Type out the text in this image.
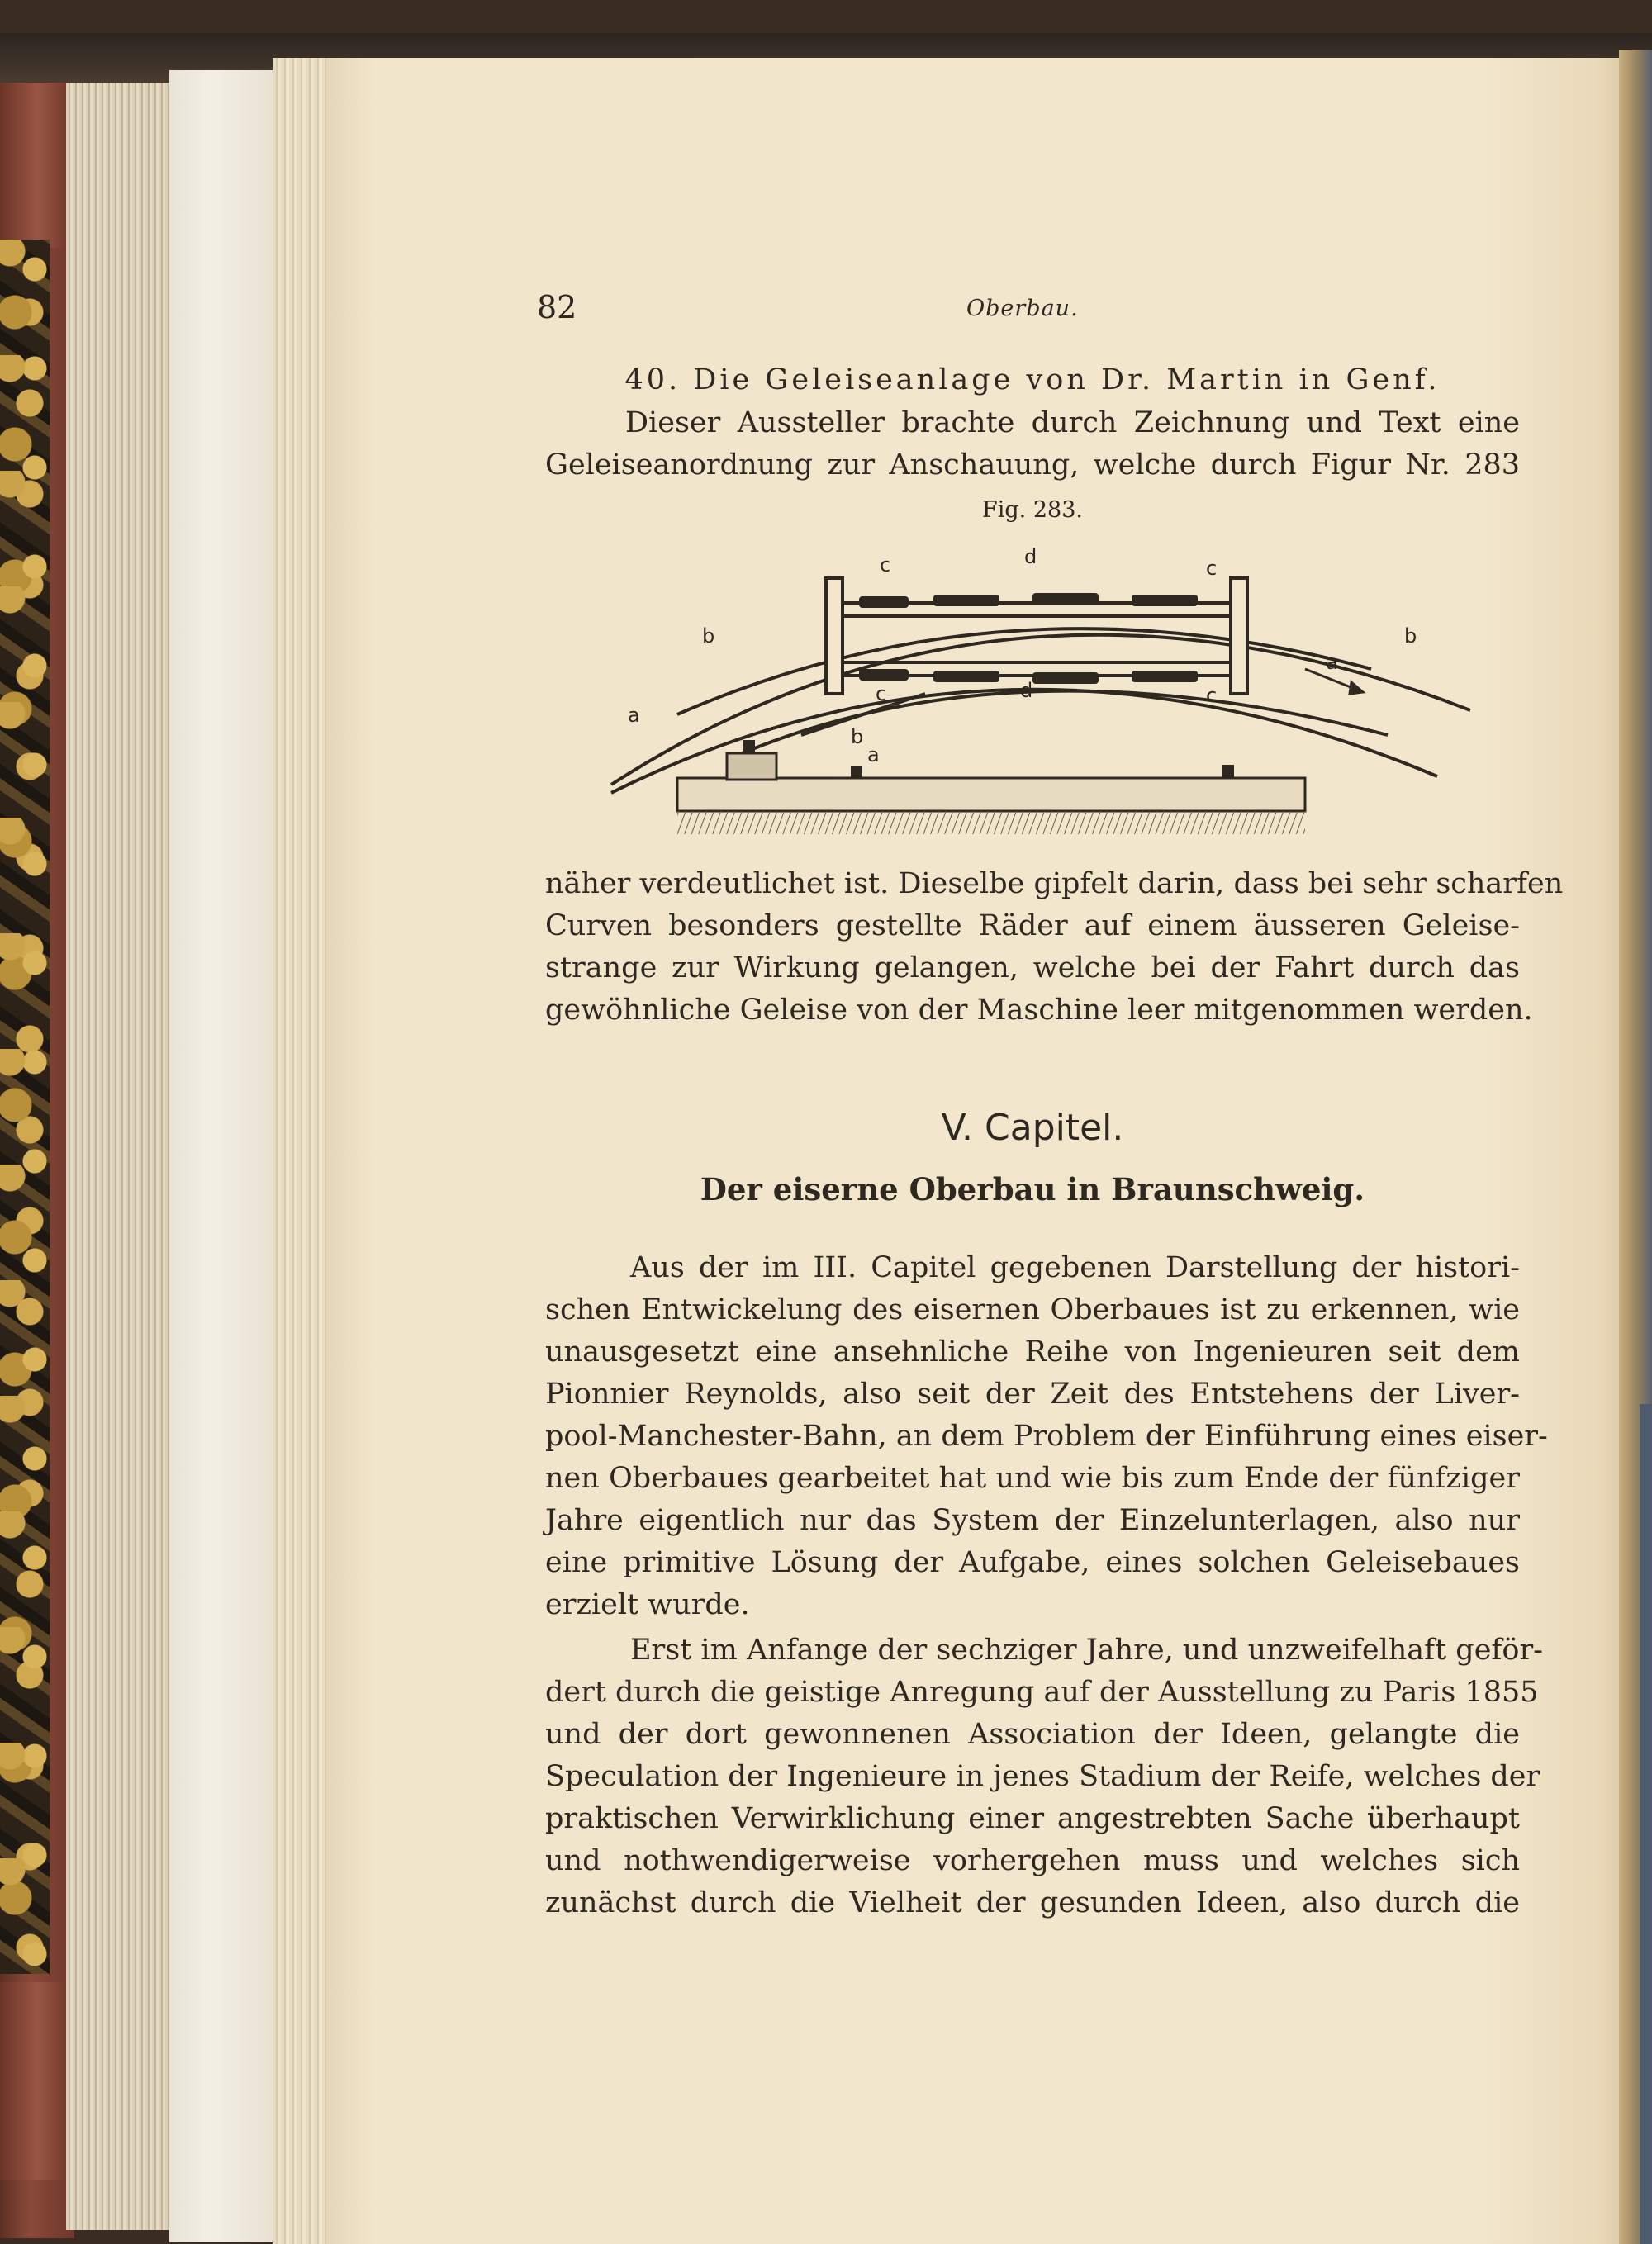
82	Oberbau.
40. Die Geleiseanlage von Dr. Martin in Genf.
Dieser Aussteller brachte durch Zeichnung und Text eine
Geleiseanordnung zur Anschauung, welche durch Figur Nr. 283
Fig. 283.
c	d	c
c	d	c
b	b
a
a
b
a
näher verdeutlichet ist. Dieselbe gipfelt darin, dass bei sehr scharfen
Curven besonders gestellte Räder auf einem äusseren Geleise-
strange zur Wirkung gelangen, welche bei der Fahrt durch das
gewöhnliche Geleise von der Maschine leer mitgenommen werden.
V. Capitel.
Der eiserne Oberbau in Braunschweig.
Aus der im III. Capitel gegebenen Darstellung der histori-
schen Entwickelung des eisernen Oberbaues ist zu erkennen, wie
unausgesetzt eine ansehnliche Reihe von Ingenieuren seit dem
Pionnier Reynolds, also seit der Zeit des Entstehens der Liver-
pool-Manchester-Bahn, an dem Problem der Einführung eines eiser-
nen Oberbaues gearbeitet hat und wie bis zum Ende der fünfziger
Jahre eigentlich nur das System der Einzelunterlagen, also nur
eine primitive Lösung der Aufgabe, eines solchen Geleisebaues
erzielt wurde.
Erst im Anfange der sechziger Jahre, und unzweifelhaft geför-
dert durch die geistige Anregung auf der Ausstellung zu Paris 1855
und der dort gewonnenen Association der Ideen, gelangte die
Speculation der Ingenieure in jenes Stadium der Reife, welches der
praktischen Verwirklichung einer angestrebten Sache überhaupt
und nothwendigerweise vorhergehen muss und welches sich
zunächst durch die Vielheit der gesunden Ideen, also durch die
